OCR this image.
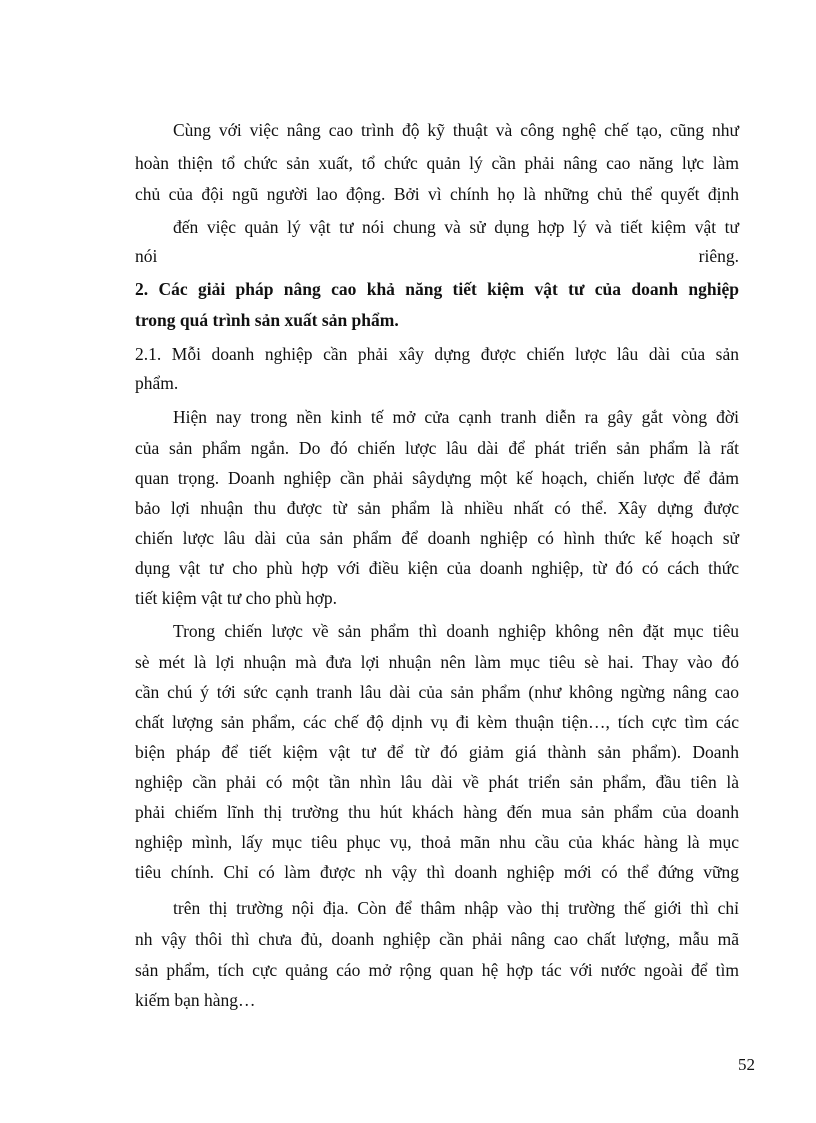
Cùng với việc nâng cao trình độ kỹ thuật và công nghệ chế tạo, cũng như
hoàn thiện tổ chức sản xuất, tổ chức quản lý cần phải nâng cao năng lực làm
chủ của đội ngũ người lao động. Bởi vì chính họ là những chủ thể quyết định
đến việc quản lý vật tư nói chung và sử dụng hợp lý và tiết kiệm vật tư
nói	riêng.
2. Các giải pháp nâng cao khả năng tiết kiệm vật tư của doanh nghiệp
trong quá trình sản xuất sản phẩm.
2.1. Mỗi doanh nghiệp cần phải xây dựng được chiến lược lâu dài của sản
phẩm.
Hiện nay trong nền kinh tế mở cửa cạnh tranh diễn ra gây gắt vòng đời
của sản phẩm ngắn. Do đó chiến lược lâu dài để phát triển sản phẩm là rất
quan trọng. Doanh nghiệp cần phải sâydựng một kế hoạch, chiến lược để đảm
bảo lợi nhuận thu được từ sản phẩm là nhiều nhất có thể. Xây dựng được
chiến lược lâu dài của sản phẩm để doanh nghiệp có hình thức kế hoạch sử
dụng vật tư cho phù hợp với điều kiện của doanh nghiệp, từ đó có cách thức
tiết kiệm vật tư cho phù hợp.
Trong chiến lược về sản phẩm thì doanh nghiệp không nên đặt mục tiêu
sè mét là lợi nhuận mà đưa lợi nhuận nên làm mục tiêu sè hai. Thay vào đó
cần chú ý tới sức cạnh tranh lâu dài của sản phẩm (như không ngừng nâng cao
chất lượng sản phẩm, các chế độ dịnh vụ đi kèm thuận tiện…, tích cực tìm các
biện pháp để tiết kiệm vật tư để từ đó giảm giá thành sản phẩm). Doanh
nghiệp cần phải có một tần nhìn lâu dài về phát triển sản phẩm, đầu tiên là
phải chiếm lĩnh thị trường thu hút khách hàng đến mua sản phẩm của doanh
nghiệp mình, lấy mục tiêu phục vụ, thoả mãn nhu cầu của khác hàng là mục
tiêu chính. Chỉ có làm được nh vậy thì doanh nghiệp mới có thể đứng vững
trên thị trường nội địa. Còn để thâm nhập vào thị trường thế giới thì chỉ
nh vậy thôi thì chưa đủ, doanh nghiệp cần phải nâng cao chất lượng, mẫu mã
sản phẩm, tích cực quảng cáo mở rộng quan hệ hợp tác với nước ngoài để tìm
kiếm bạn hàng…
52
